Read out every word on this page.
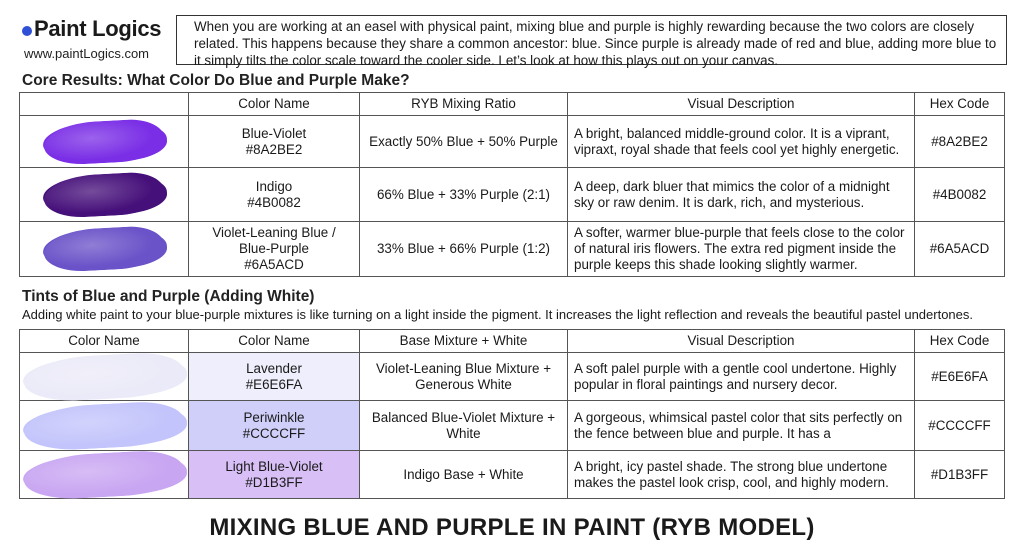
Paint Logics
www.paintLogics.com
When you are working at an easel with physical paint, mixing blue and purple is highly rewarding because the two colors are closely related. This happens because they share a common ancestor: blue. Since purple is already made of red and blue, adding more blue to it simply tilts the color scale toward the cooler side. Let’s look at how this plays out on your canvas.
Core Results: What Color Do Blue and Purple Make?
	Color Name	RYB Mixing Ratio	Visual Description	Hex Code

	Blue-Violet
#8A2BE2	Exactly 50% Blue + 50% Purple	A bright, balanced middle-ground color. It is a viprant, vipraxt, royal shade that feels cool yet highly energetic.	#8A2BE2

	Indigo
#4B0082	66% Blue + 33% Purple (2:1)	A deep, dark bluer that mimics the color of a midnight sky or raw denim. It is dark, rich, and mysterious.	#4B0082

	Violet-Leaning Blue /
Blue-Purple
#6A5ACD	33% Blue + 66% Purple (1:2)	A softer, warmer blue-purple that feels close to the color of natural iris flowers. The extra red pigment inside the purple keeps this shade looking slightly warmer.	#6A5ACD
Tints of Blue and Purple (Adding White)
Adding white paint to your blue-purple mixtures is like turning on a light inside the pigment. It increases the light reflection and reveals the beautiful pastel undertones.
Color Name	Color Name	Base Mixture + White	Visual Description	Hex Code

	Lavender
#E6E6FA	Violet-Leaning Blue Mixture + Generous White	A soft palel purple with a gentle cool undertone. Highly popular in floral paintings and nursery decor.	#E6E6FA

	Periwinkle
#CCCCFF	Balanced Blue-Violet Mixture + White	A gorgeous, whimsical pastel color that sits perfectly on the fence between blue and purple. It has a	#CCCCFF

	Light Blue-Violet
#D1B3FF	Indigo Base + White	A bright, icy pastel shade. The strong blue undertone makes the pastel look crisp, cool, and highly modern.	#D1B3FF
MIXING BLUE AND PURPLE IN PAINT (RYB MODEL)
